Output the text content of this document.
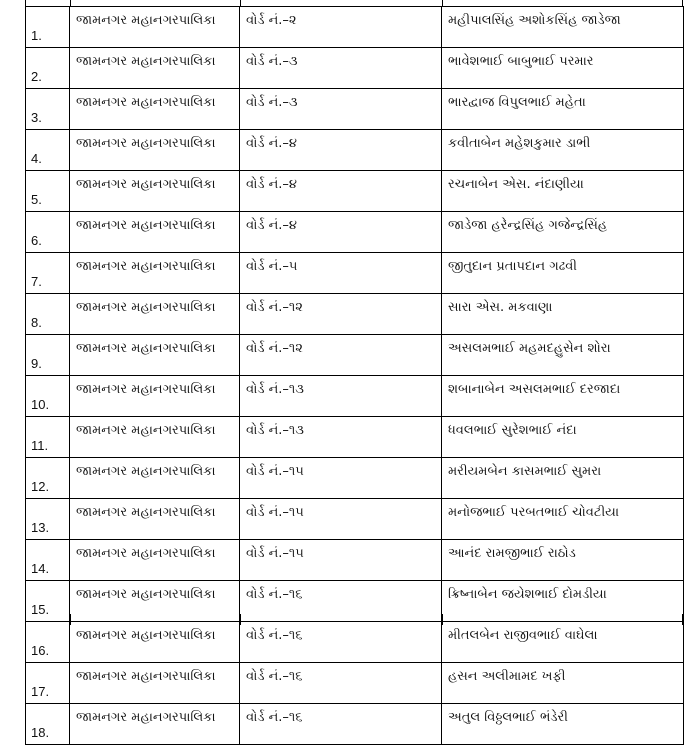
1.	જામનગર મહાનગરપાલિકા	વોર્ડ નં.–૨	મહીપાલસિંહ અશોકસિંહ જાડેજા
2.	જામનગર મહાનગરપાલિકા	વોર્ડ નં.–૩	ભાવેશભાઈ બાબુભાઈ પરમાર
3.	જામનગર મહાનગરપાલિકા	વોર્ડ નં.–૩	ભારદ્વાજ વિપુલભાઈ મહેતા
4.	જામનગર મહાનગરપાલિકા	વોર્ડ નં.–૪	કવીતાબેન મહેશકુમાર ડાભી
5.	જામનગર મહાનગરપાલિકા	વોર્ડ નં.–૪	રચનાબેન એસ. નંદાણીયા
6.	જામનગર મહાનગરપાલિકા	વોર્ડ નં.–૪	જાડેજા હરેન્દ્રસિંહ ગજેન્દ્રસિંહ
7.	જામનગર મહાનગરપાલિકા	વોર્ડ નં.–૫	જીતુદાન પ્રતાપદાન ગઢવી
8.	જામનગર મહાનગરપાલિકા	વોર્ડ નં.–૧૨	સારા એસ. મકવાણા
9.	જામનગર મહાનગરપાલિકા	વોર્ડ નં.–૧૨	અસલમભાઈ મહમદહુસેન શોરા
10.	જામનગર મહાનગરપાલિકા	વોર્ડ નં.–૧૩	શબાનાબેન અસલમભાઈ દરજાદા
11.	જામનગર મહાનગરપાલિકા	વોર્ડ નં.–૧૩	ધવલભાઈ સુરેશભાઈ નંદા
12.	જામનગર મહાનગરપાલિકા	વોર્ડ નં.–૧૫	મરીયમબેન કાસમભાઈ સુમરા
13.	જામનગર મહાનગરપાલિકા	વોર્ડ નં.–૧૫	મનોજભાઈ પરબતભાઈ ચોવટીયા
14.	જામનગર મહાનગરપાલિકા	વોર્ડ નં.–૧૫	આનંદ રામજીભાઈ રાઠોડ
15.	જામનગર મહાનગરપાલિકા	વોર્ડ નં.–૧૬	ક્રિષ્નાબેન જયેશભાઈ દોમડીયા
16.	જામનગર મહાનગરપાલિકા	વોર્ડ નં.–૧૬	મીતલબેન રાજીવભાઈ વાઘેલા
17.	જામનગર મહાનગરપાલિકા	વોર્ડ નં.–૧૬	હસન અલીમામદ ખફી
18.	જામનગર મહાનગરપાલિકા	વોર્ડ નં.–૧૬	અતુલ વિઠ્ઠલભાઈ ભંડેરી
